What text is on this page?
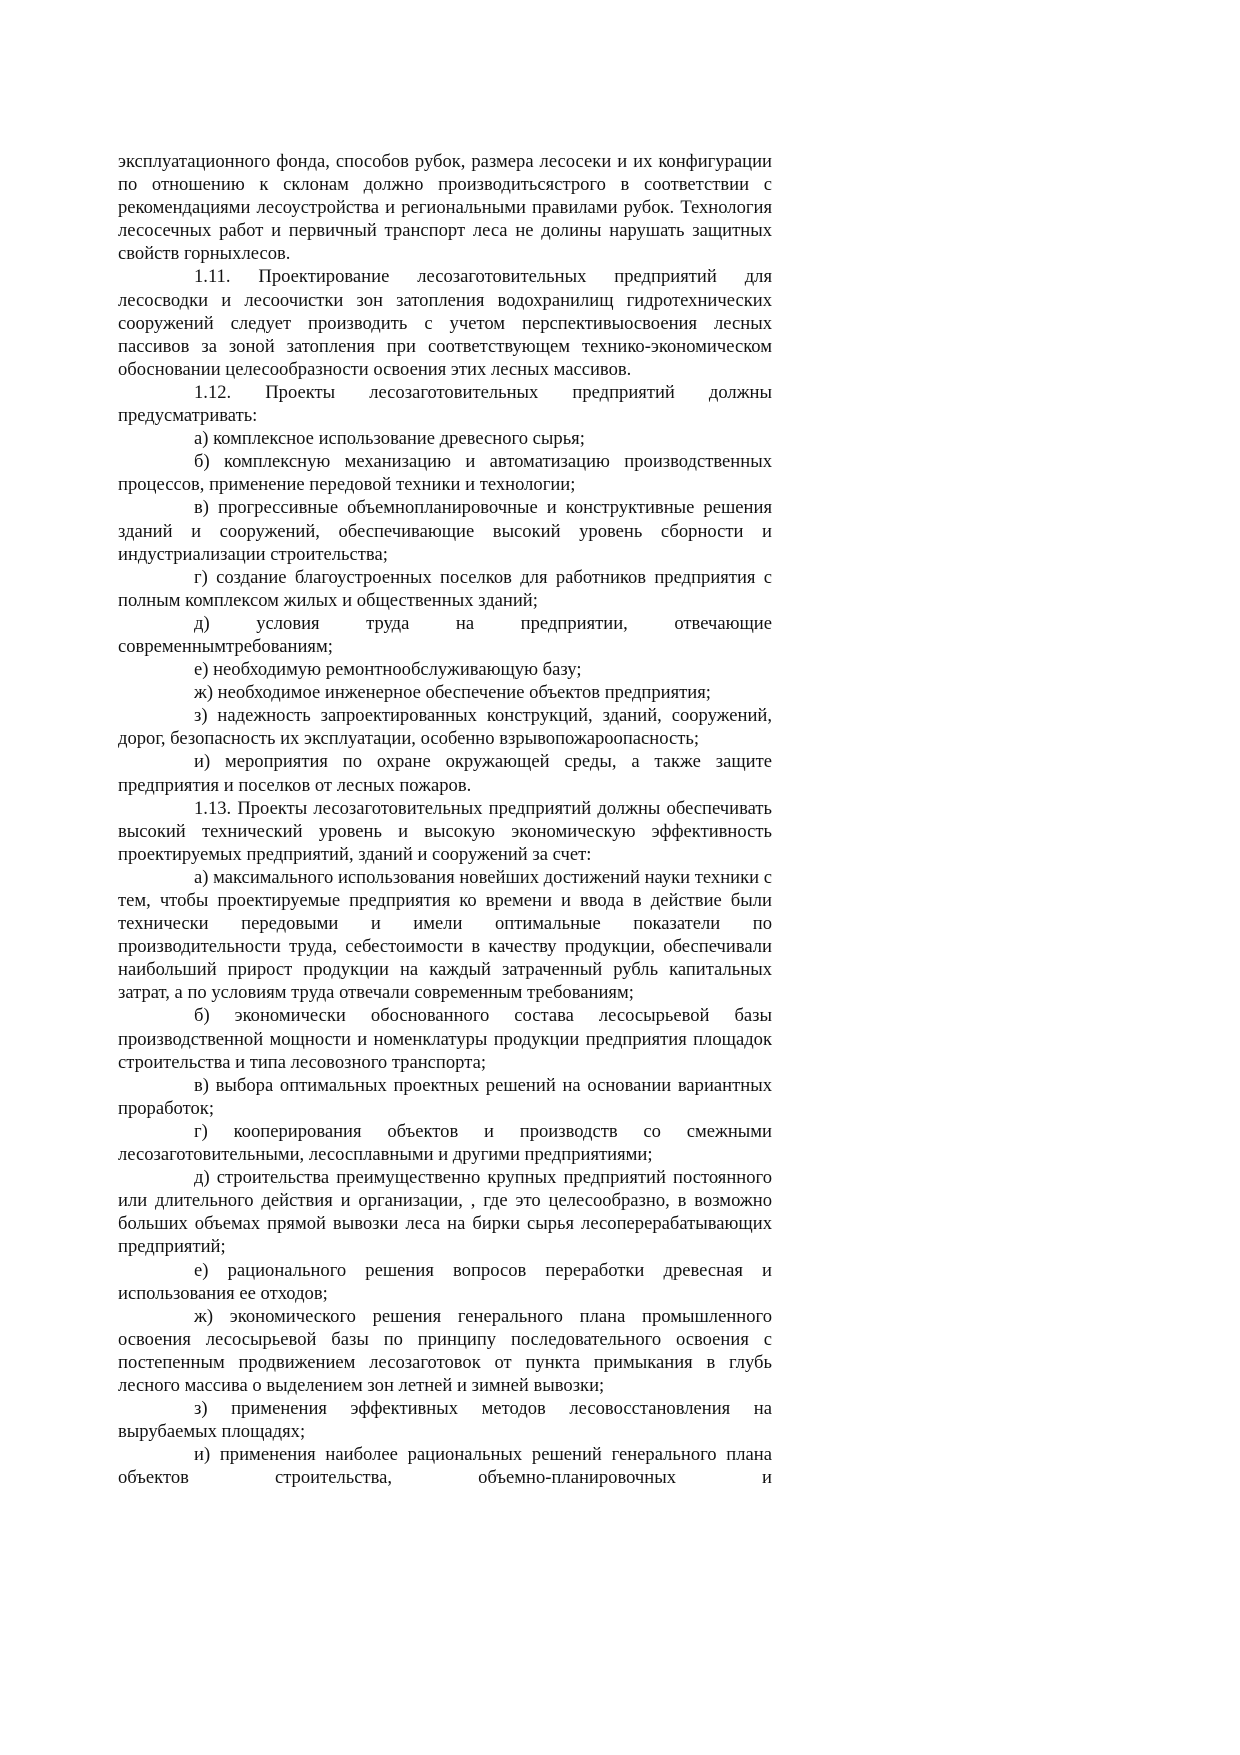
эксплуатационного фонда, способов рубок, размера лесосеки и их конфигурации по отношению к склонам должно производитьсястрого в соответствии с рекомендациями лесоустройства и региональными правилами рубок. Технология лесосечных работ и первичный транспорт леса не долины нарушать защитных свойств горныхлесов.

1.11. Проектирование лесозаготовительных предприятий для лесосводки и лесоочистки зон затопления водохранилищ гидротехнических сооружений следует производить с учетом перспективыосвоения лесных пассивов за зоной затопления при соответствующем технико-экономическом обосновании целесообразности освоения этих лесных массивов.

1.12. Проекты лесозаготовительных предприятий должны предусматривать:

а) комплексное использование древесного сырья;

б) комплексную механизацию и автоматизацию производственных процессов, применение передовой техники и технологии;

в) прогрессивные объемнопланировочные и конструктивные решения зданий и сооружений, обеспечивающие высокий уровень сборности и индустриализации строительства;

г) создание благоустроенных поселков для работников предприятия с полным комплексом жилых и общественных зданий;

д) условия труда на предприятии, отвечающие современнымтребованиям;

е) необходимую ремонтнообслуживающую базу;

ж) необходимое инженерное обеспечение объектов предприятия;

з) надежность запроектированных конструкций, зданий, сооружений, дорог, безопасность их эксплуатации, особенно взрывопожароопасность;

и) мероприятия по охране окружающей среды, а также защите предприятия и поселков от лесных пожаров.

1.13. Проекты лесозаготовительных предприятий должны обеспечивать высокий технический уровень и высокую экономическую эффективность проектируемых предприятий, зданий и сооружений за счет:

а) максимального использования новейших достижений науки техники с тем, чтобы проектируемые предприятия ко времени и ввода в действие были технически передовыми и имели оптимальные показатели по производительности труда, себестоимости в качеству продукции, обеспечивали наибольший прирост продукции на каждый затраченный рубль капитальных затрат, а по условиям труда отвечали современным требованиям;

б) экономически обоснованного состава лесосырьевой базы производственной мощности и номенклатуры продукции предприятия площадок строительства и типа лесовозного транспорта;

в) выбора оптимальных проектных решений на основании вариантных проработок;

г) кооперирования объектов и производств со смежными лесозаготовительными, лесосплавными и другими предприятиями;

д) строительства преимущественно крупных предприятий постоянного или длительного действия и организации, , где это целесообразно, в возможно больших объемах прямой вывозки леса на бирки сырья лесоперерабатывающих предприятий;

е) рационального решения вопросов переработки древесная и использования ее отходов;

ж) экономического решения генерального плана промышленного освоения лесосырьевой базы по принципу последовательного освоения с постепенным продвижением лесозаготовок от пункта примыкания в глубь лесного массива о выделением зон летней и зимней вывозки;

з) применения эффективных методов лесовосстановления на вырубаемых площадях;

и) применения наиболее рациональных решений генерального плана объектов строительства, объемно-планировочных и
